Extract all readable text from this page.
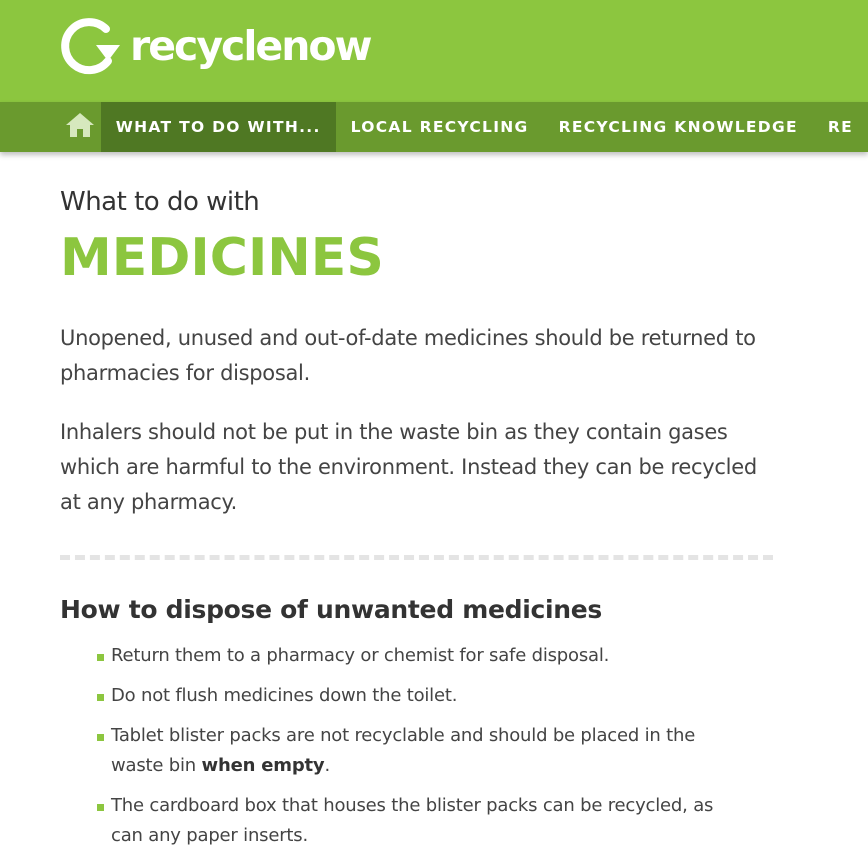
recyclenow
WHAT TO DO WITH...	LOCAL RECYCLING	RECYCLING KNOWLEDGE	RE
What to do with
MEDICINES

Unopened, unused and out-of-date medicines should be returned to pharmacies for disposal.

Inhalers should not be put in the waste bin as they contain gases which are harmful to the environment. Instead they can be recycled at any pharmacy.

How to dispose of unwanted medicines
Return them to a pharmacy or chemist for safe disposal.
Do not flush medicines down the toilet.
Tablet blister packs are not recyclable and should be placed in the waste bin when empty.
The cardboard box that houses the blister packs can be recycled, as can any paper inserts.
